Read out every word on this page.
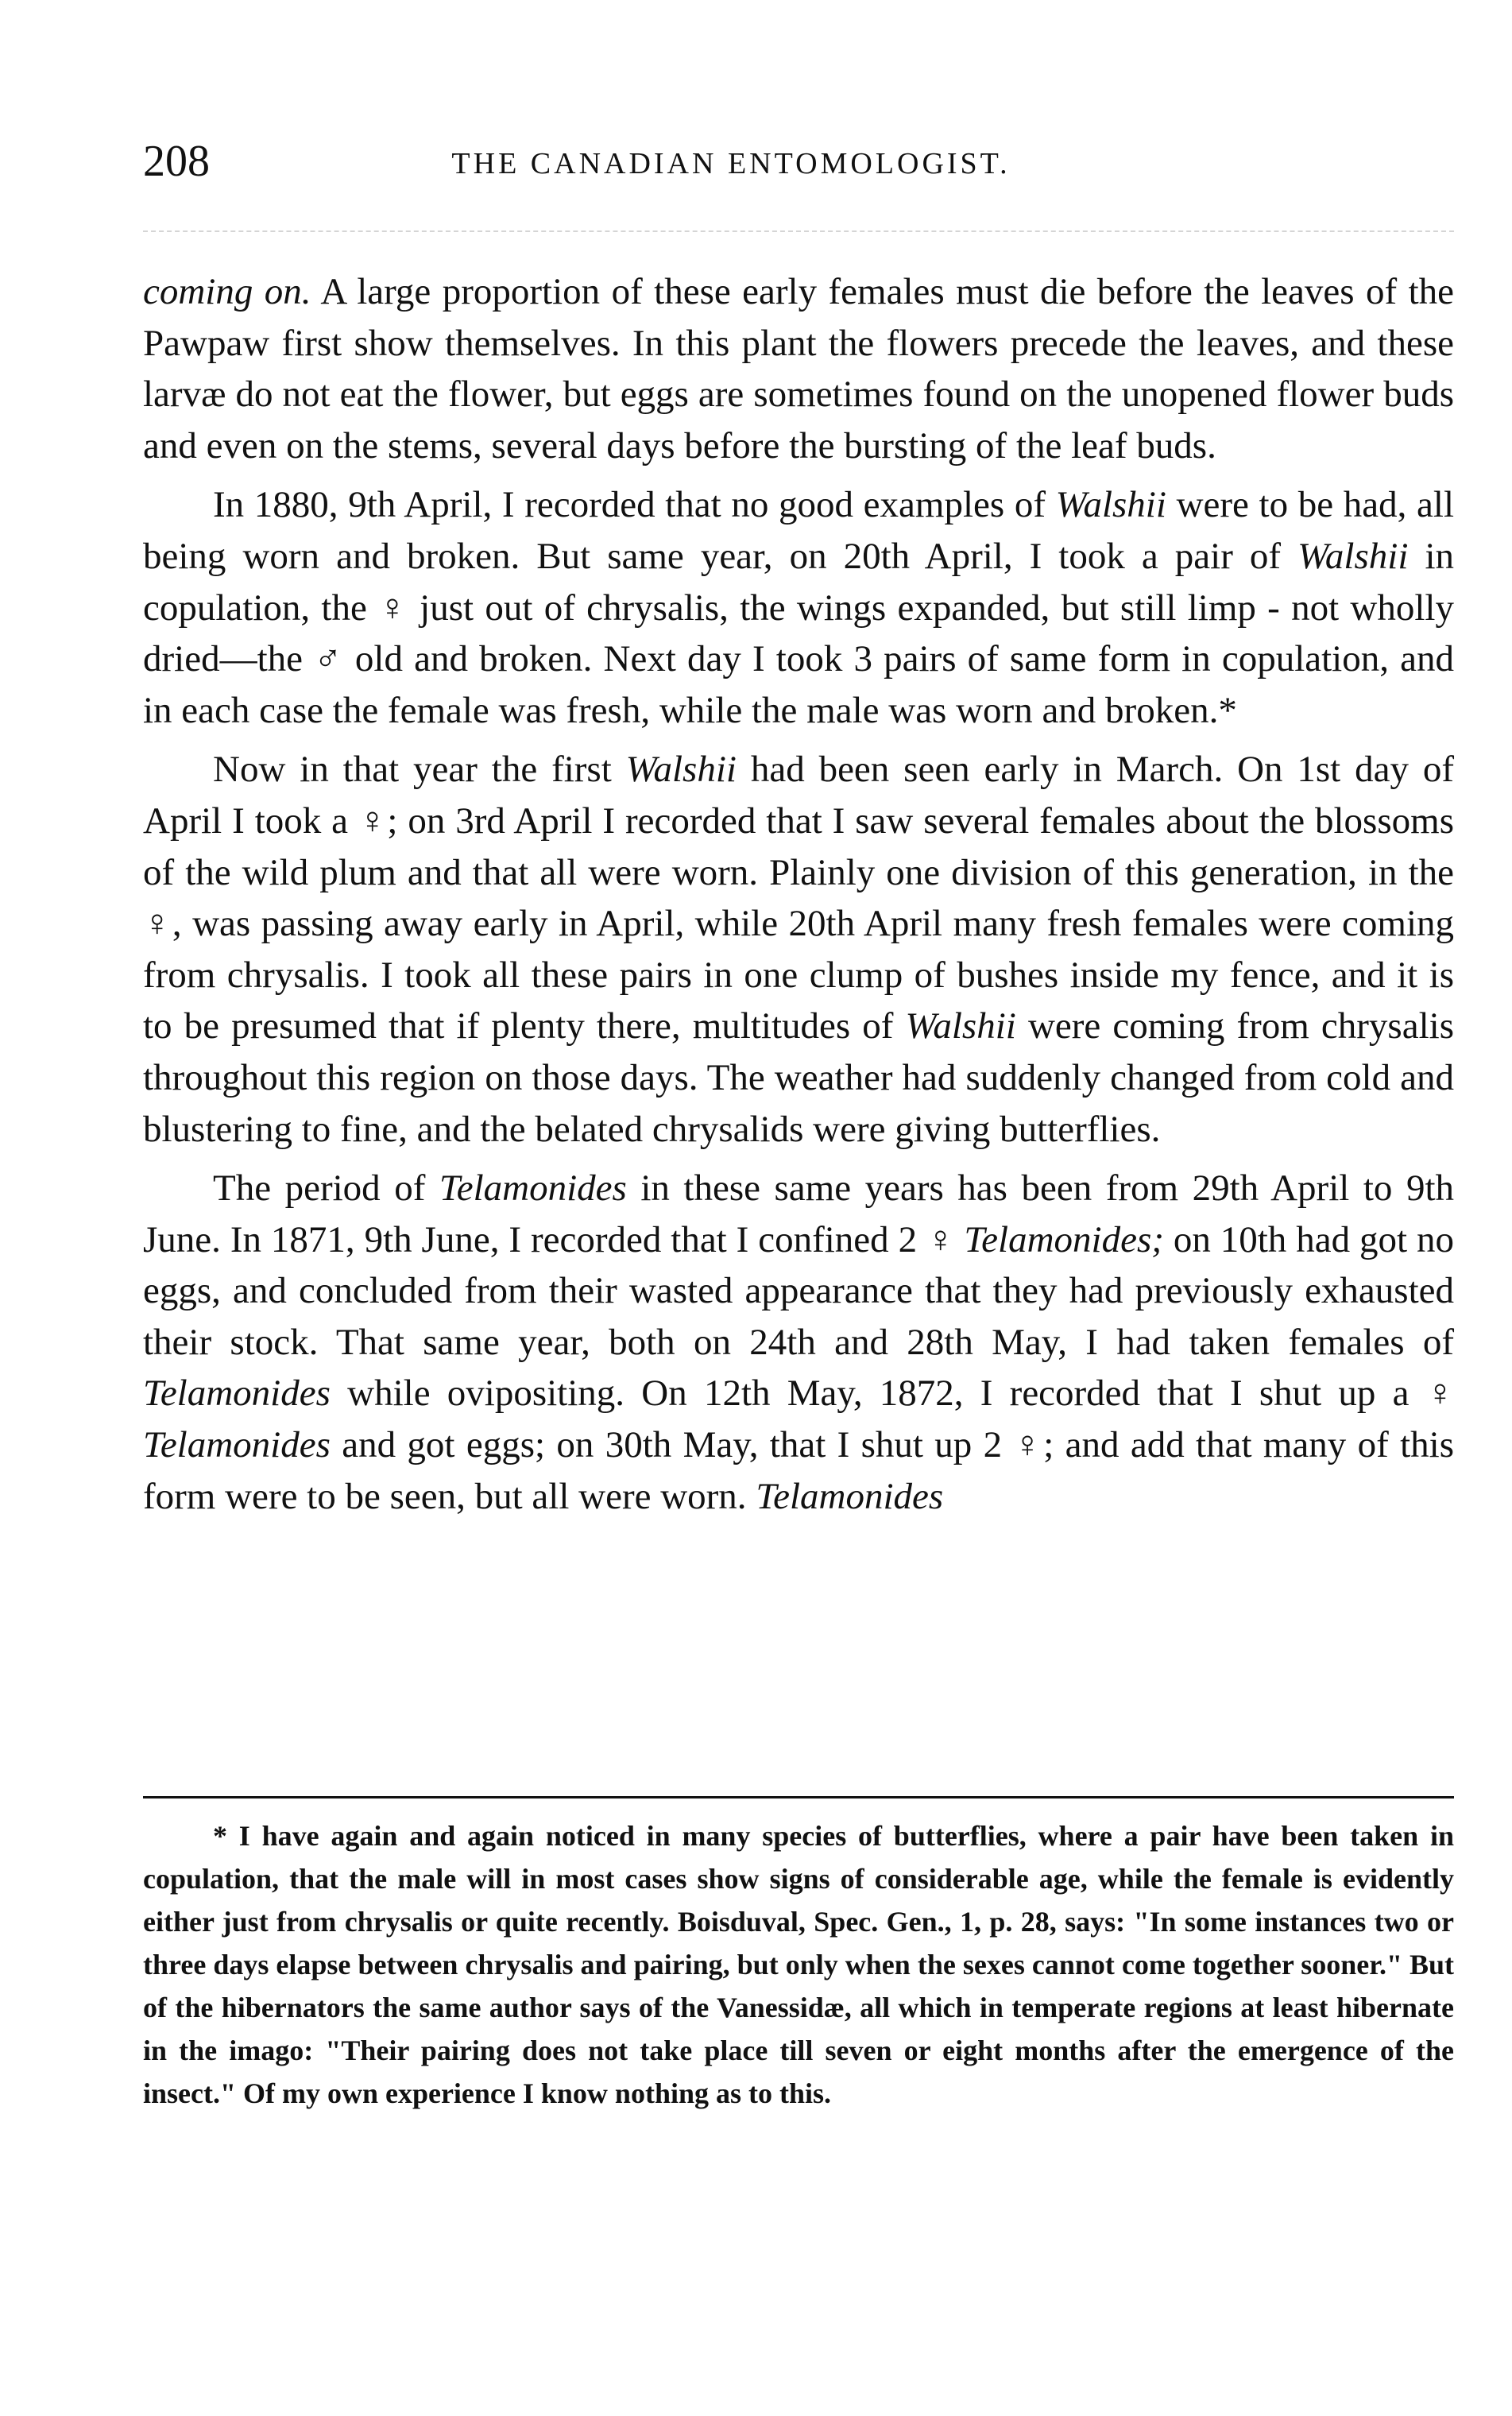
208	THE CANADIAN ENTOMOLOGIST.

coming on. A large proportion of these early females must die before the leaves of the Pawpaw first show themselves. In this plant the flowers precede the leaves, and these larvæ do not eat the flower, but eggs are sometimes found on the unopened flower buds and even on the stems, several days before the bursting of the leaf buds.

In 1880, 9th April, I recorded that no good examples of Walshii were to be had, all being worn and broken. But same year, on 20th April, I took a pair of Walshii in copulation, the ♀ just out of chrysalis, the wings expanded, but still limp - not wholly dried—the ♂ old and broken. Next day I took 3 pairs of same form in copulation, and in each case the female was fresh, while the male was worn and broken.*

Now in that year the first Walshii had been seen early in March. On 1st day of April I took a ♀; on 3rd April I recorded that I saw several females about the blossoms of the wild plum and that all were worn. Plainly one division of this generation, in the ♀, was passing away early in April, while 20th April many fresh females were coming from chrysalis. I took all these pairs in one clump of bushes inside my fence, and it is to be presumed that if plenty there, multitudes of Walshii were coming from chrysalis throughout this region on those days. The weather had suddenly changed from cold and blustering to fine, and the belated chrysalids were giving butterflies.

The period of Telamonides in these same years has been from 29th April to 9th June. In 1871, 9th June, I recorded that I confined 2 ♀ Telamonides; on 10th had got no eggs, and concluded from their wasted appearance that they had previously exhausted their stock. That same year, both on 24th and 28th May, I had taken females of Telamonides while ovipositing. On 12th May, 1872, I recorded that I shut up a ♀ Telamonides and got eggs; on 30th May, that I shut up 2 ♀; and add that many of this form were to be seen, but all were worn. Telamonides

* I have again and again noticed in many species of butterflies, where a pair have been taken in copulation, that the male will in most cases show signs of considerable age, while the female is evidently either just from chrysalis or quite recently. Boisduval, Spec. Gen., 1, p. 28, says: "In some instances two or three days elapse between chrysalis and pairing, but only when the sexes cannot come together sooner." But of the hibernators the same author says of the Vanessidæ, all which in temperate regions at least hibernate in the imago: "Their pairing does not take place till seven or eight months after the emergence of the insect." Of my own experience I know nothing as to this.
